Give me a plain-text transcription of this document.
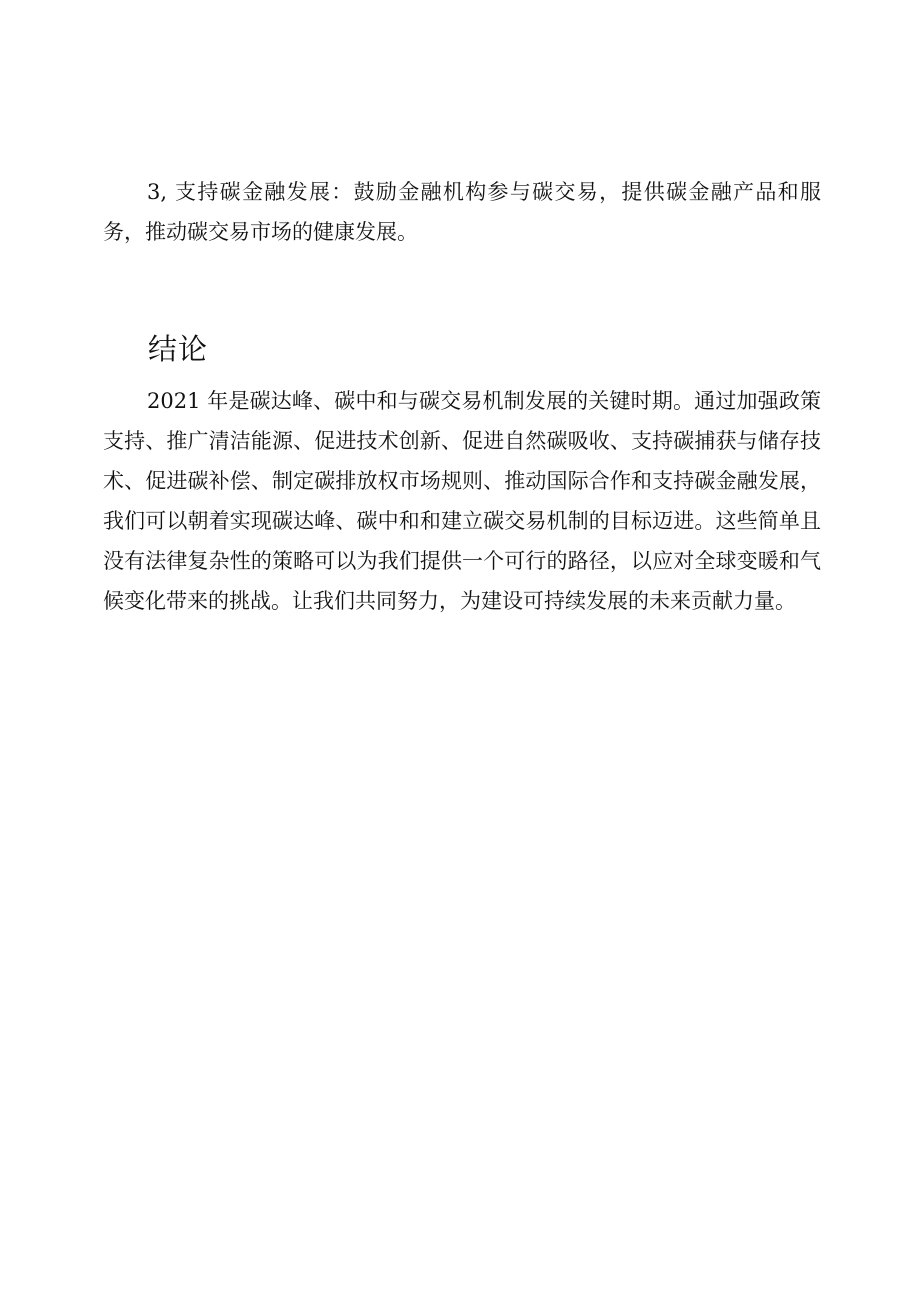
3, 支持碳金融发展：鼓励金融机构参与碳交易，提供碳金融产品和服务，推动碳交易市场的健康发展。

结论

2021 年是碳达峰、碳中和与碳交易机制发展的关键时期。通过加强政策支持、推广清洁能源、促进技术创新、促进自然碳吸收、支持碳捕获与储存技术、促进碳补偿、制定碳排放权市场规则、推动国际合作和支持碳金融发展，我们可以朝着实现碳达峰、碳中和和建立碳交易机制的目标迈进。这些简单且没有法律复杂性的策略可以为我们提供一个可行的路径，以应对全球变暖和气候变化带来的挑战。让我们共同努力，为建设可持续发展的未来贡献力量。
